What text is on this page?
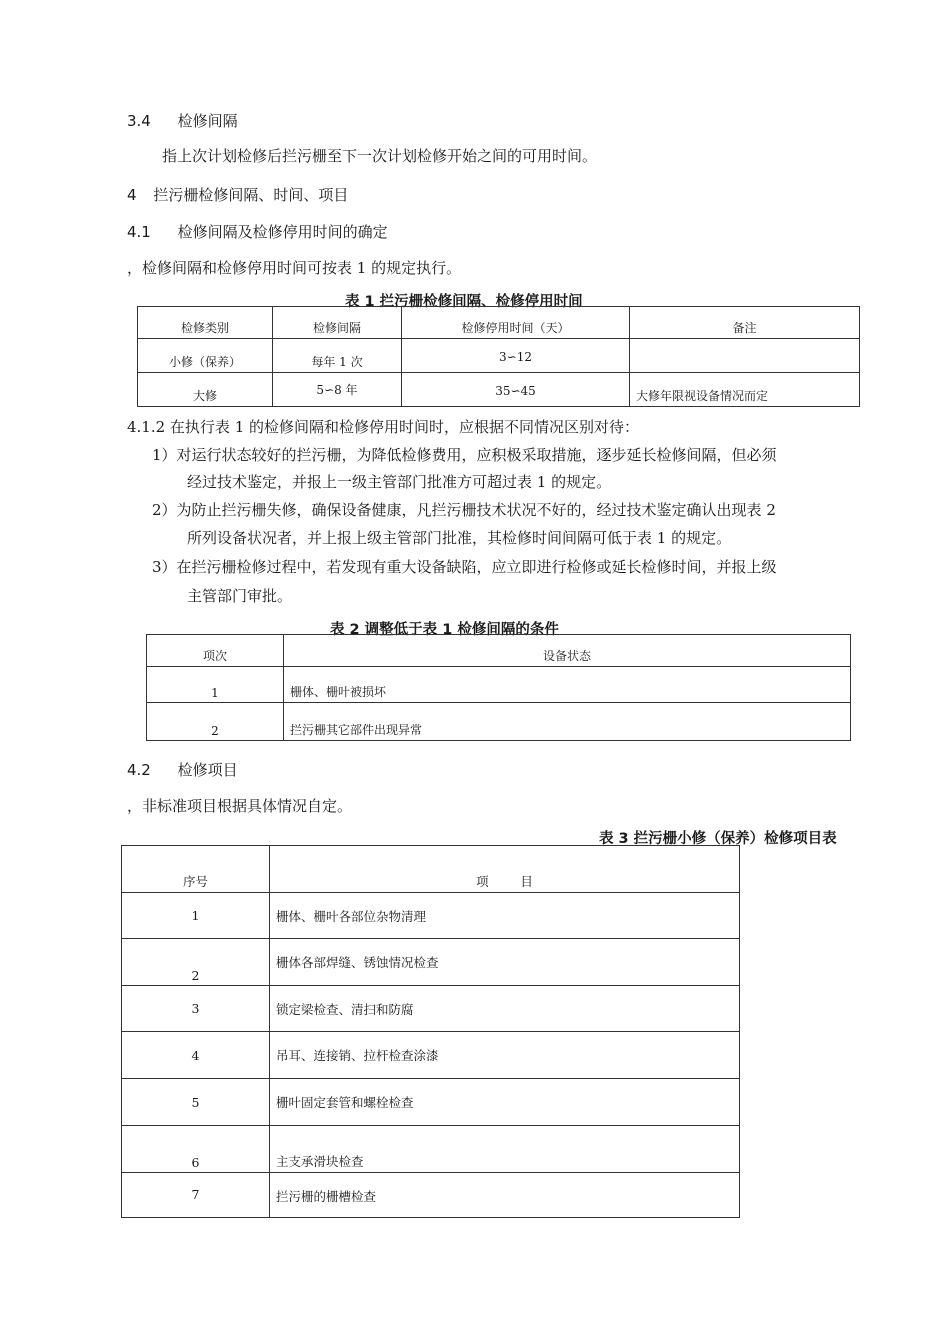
3.4 检修间隔
指上次计划检修后拦污栅至下一次计划检修开始之间的可用时间。
4 拦污栅检修间隔、时间、项目
4.1 检修间隔及检修停用时间的确定
，检修间隔和检修停用时间可按表 1 的规定执行。
表 1 拦污栅检修间隔、检修停用时间
检修类别	检修间隔	检修停用时间（天）	备注
小修（保养）	每年 1 次	3∽12	
大修	5∽8 年	35∽45	大修年限视设备情况而定
4.1.2 在执行表 1 的检修间隔和检修停用时间时，应根据不同情况区别对待：
1）对运行状态较好的拦污栅，为降低检修费用，应积极采取措施，逐步延长检修间隔，但必须
经过技术鉴定，并报上一级主管部门批准方可超过表 1 的规定。
2）为防止拦污栅失修，确保设备健康，凡拦污栅技术状况不好的，经过技术鉴定确认出现表 2
所列设备状况者，并上报上级主管部门批准，其检修时间间隔可低于表 1 的规定。
3）在拦污栅检修过程中，若发现有重大设备缺陷，应立即进行检修或延长检修时间，并报上级
主管部门审批。
表 2 调整低于表 1 检修间隔的条件
项次	设备状态
1	栅体、栅叶被损坏
2	拦污栅其它部件出现异常
4.2 检修项目
，非标准项目根据具体情况自定。
表 3 拦污栅小修（保养）检修项目表
序号	项        目
1	栅体、栅叶各部位杂物清理
2	栅体各部焊缝、锈蚀情况检查
3	锁定梁检查、清扫和防腐
4	吊耳、连接销、拉杆检查涂漆
5	栅叶固定套管和螺栓检查
6	主支承滑块检查
7	拦污栅的栅槽检查
